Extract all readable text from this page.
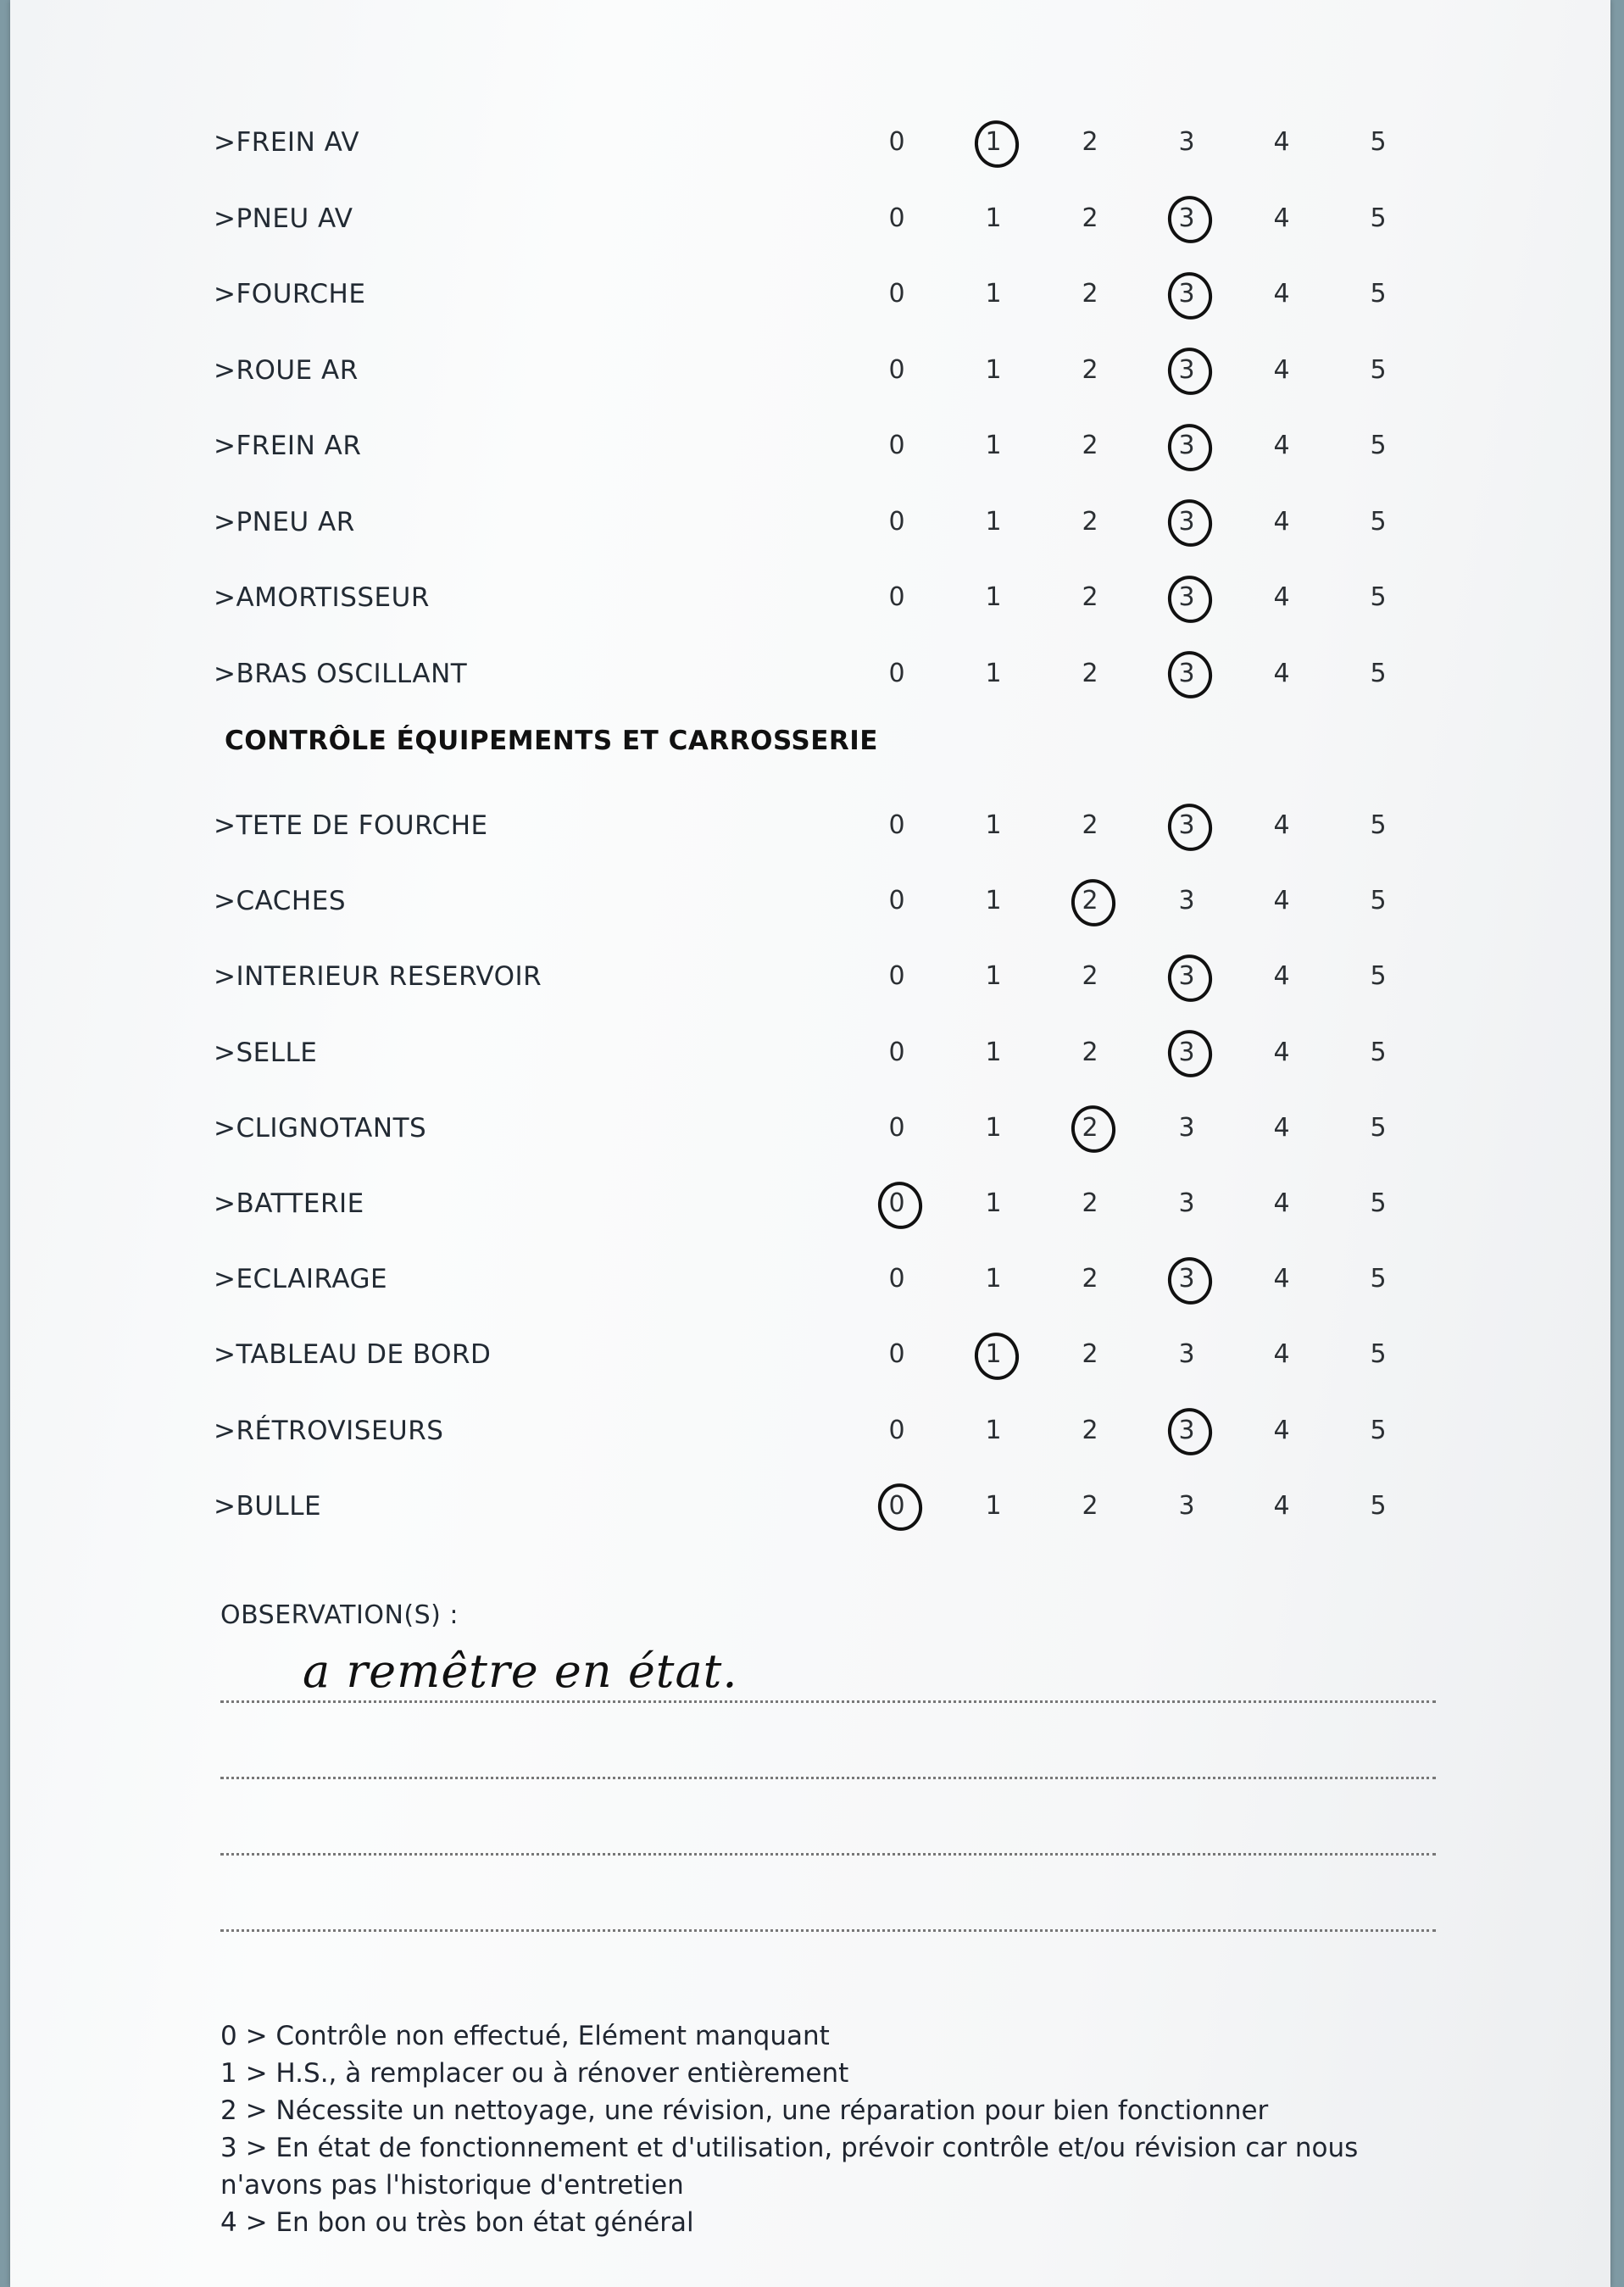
>FREIN AV	0	1	2	3	4	5
>PNEU AV	0	1	2	3	4	5
>FOURCHE	0	1	2	3	4	5
>ROUE AR	0	1	2	3	4	5
>FREIN AR	0	1	2	3	4	5
>PNEU AR	0	1	2	3	4	5
>AMORTISSEUR	0	1	2	3	4	5
>BRAS OSCILLANT	0	1	2	3	4	5
>TETE DE FOURCHE	0	1	2	3	4	5
>CACHES	0	1	2	3	4	5
>INTERIEUR RESERVOIR	0	1	2	3	4	5
>SELLE	0	1	2	3	4	5
>CLIGNOTANTS	0	1	2	3	4	5
>BATTERIE	0	1	2	3	4	5
>ECLAIRAGE	0	1	2	3	4	5
>TABLEAU DE BORD	0	1	2	3	4	5
>RÉTROVISEURS	0	1	2	3	4	5
>BULLE	0	1	2	3	4	5
CONTRÔLE ÉQUIPEMENTS ET CARROSSERIE
OBSERVATION(S) :
a remêtre en état.
0 > Contrôle non effectué, Elément manquant
1 > H.S., à remplacer ou à rénover entièrement
2 > Nécessite un nettoyage, une révision, une réparation pour bien fonctionner
3 > En état de fonctionnement et d'utilisation, prévoir contrôle et/ou révision car nous
n'avons pas l'historique d'entretien
4 > En bon ou très bon état général
